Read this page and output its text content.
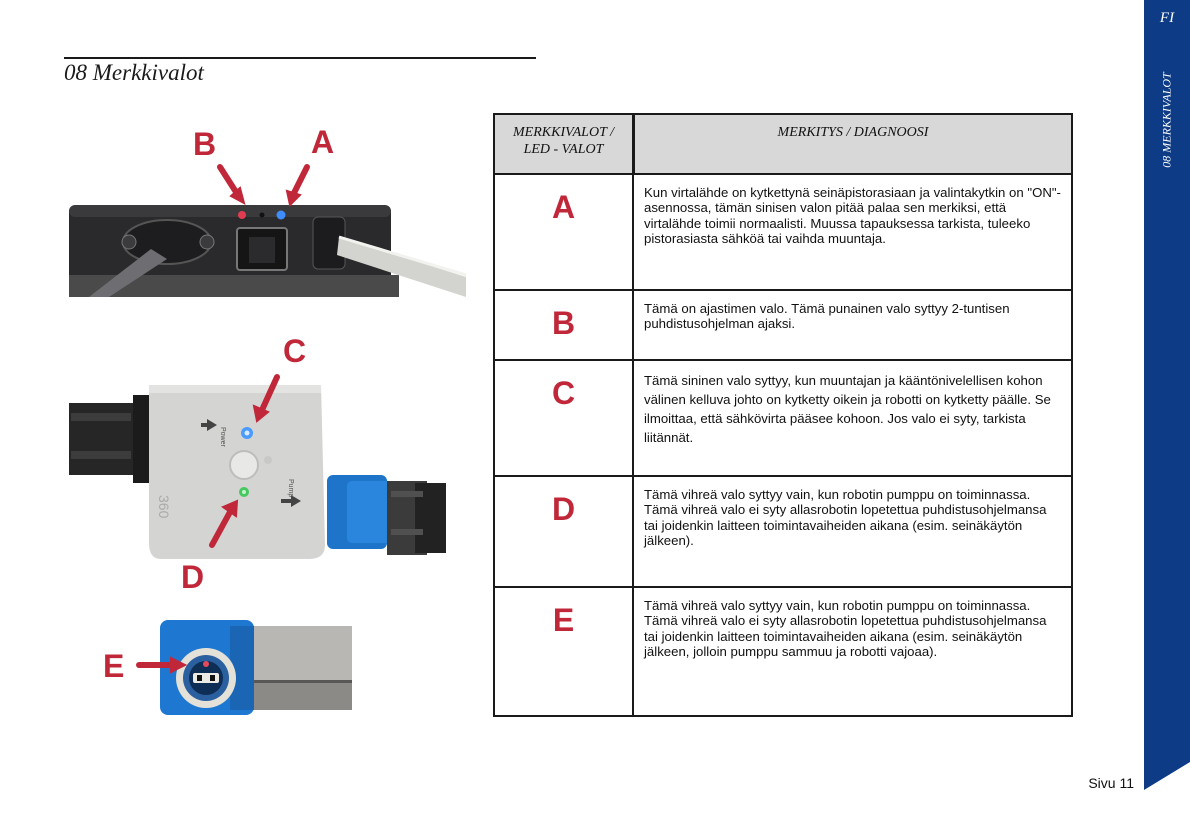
08 Merkkivalot
FI
08 MERKKIVALOT
Power
Pump
360
B	A
C
D
E
MERKKIVALOT / LED - VALOT
MERKITYS / DIAGNOOSI
A	Kun virtalähde on kytkettynä seinäpistorasiaan ja valintakytkin on "ON"-asennossa, tämän sinisen valon pitää palaa sen merkiksi, että virtalähde toimii normaalisti. Muussa tapauksessa tarkista, tuleeko pistorasiasta sähköä tai vaihda muuntaja.
B	Tämä on ajastimen valo. Tämä punainen valo syttyy 2-tuntisen puhdistusohjelman ajaksi.
C	Tämä sininen valo syttyy, kun muuntajan ja kääntönivelellisen kohon välinen kelluva johto on kytketty oikein ja robotti on kytketty päälle. Se ilmoittaa, että sähkövirta pääsee kohoon. Jos valo ei syty, tarkista liitännät.
D	Tämä vihreä valo syttyy vain, kun robotin pumppu on toiminnassa. Tämä vihreä valo ei syty allasrobotin lopetettua puhdistusohjelmansa tai joidenkin laitteen toimintavaiheiden aikana (esim. seinäkäytön jälkeen).
E	Tämä vihreä valo syttyy vain, kun robotin pumppu on toiminnassa. Tämä vihreä valo ei syty allasrobotin lopetettua puhdistusohjelmansa tai joidenkin laitteen toimintavaiheiden aikana (esim. seinäkäytön jälkeen, jolloin pumppu sammuu ja robotti vajoaa).
Sivu 11
